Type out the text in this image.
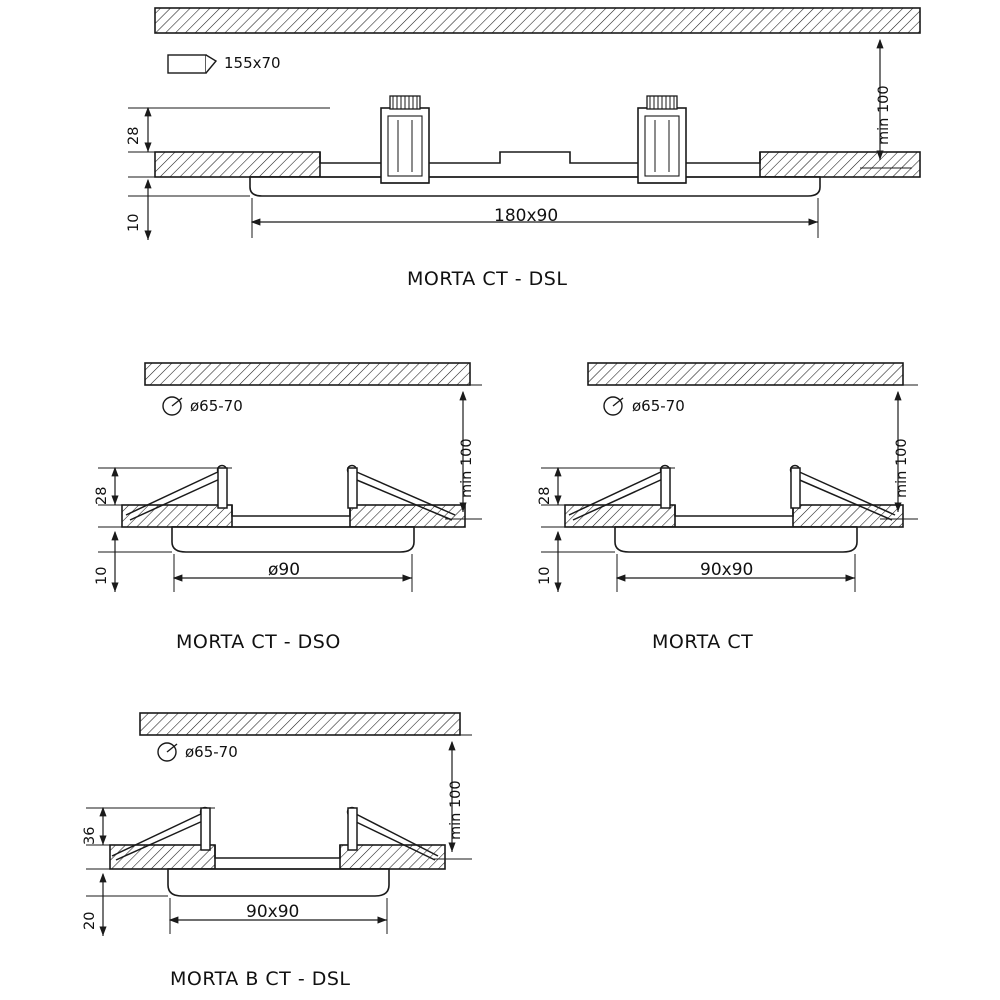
155x70
min 100
28
10	180x90
MORTA CT - DSL
ø65-70
min 100
28
10	ø90
MORTA CT - DSO
ø65-70
min 100
28
10	90x90
MORTA CT
ø65-70
min 100
36
20	90x90
MORTA B CT - DSL
